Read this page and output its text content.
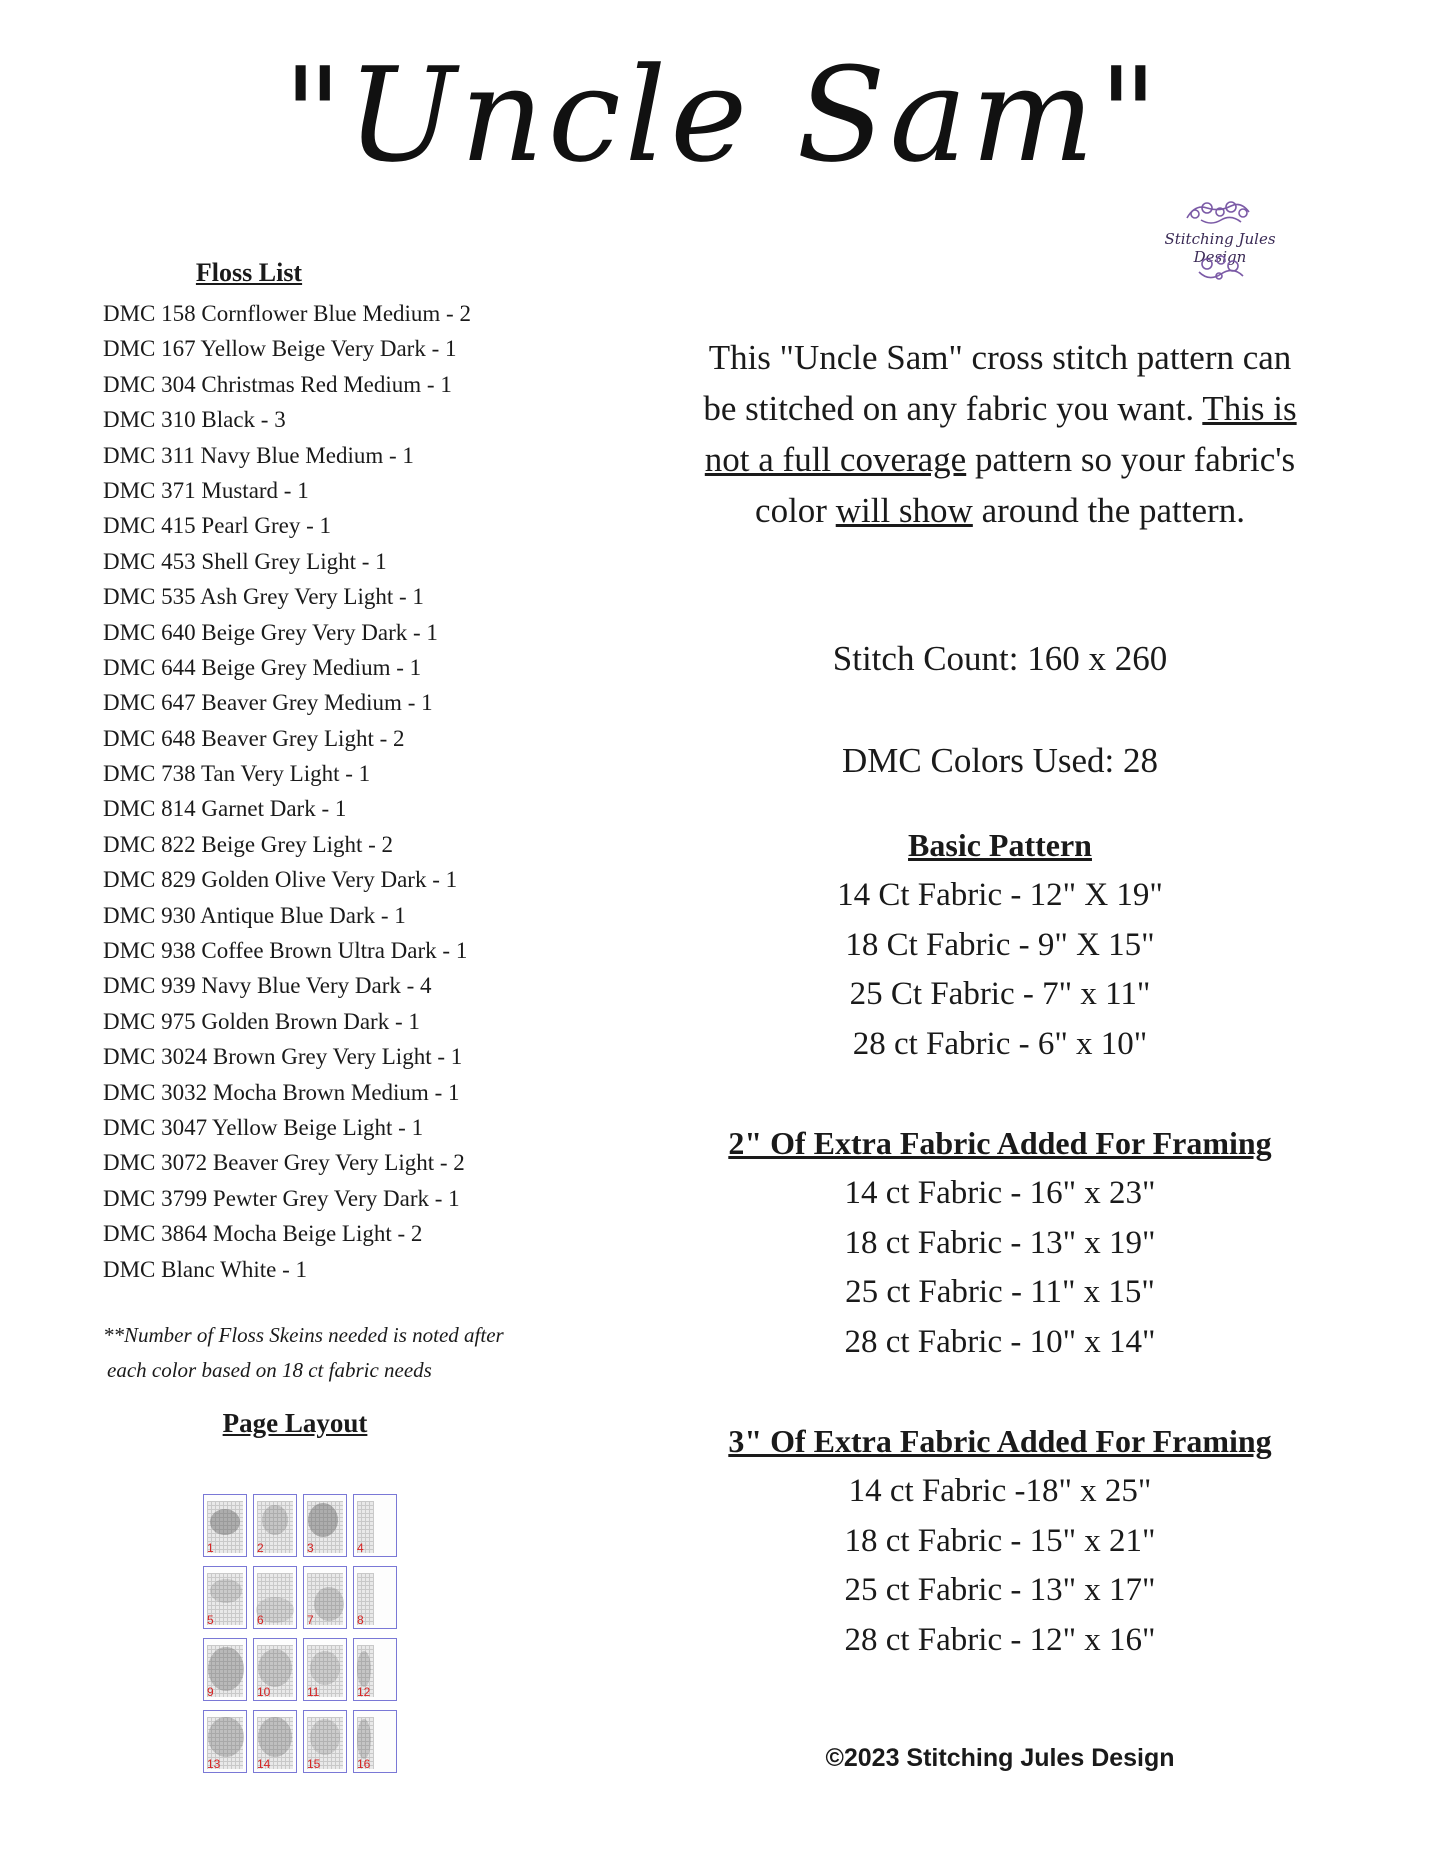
"Uncle Sam"
Stitching Jules Design
Floss List
DMC 158 Cornflower Blue Medium - 2
DMC 167 Yellow Beige Very Dark - 1
DMC 304 Christmas Red Medium - 1
DMC 310 Black - 3
DMC 311 Navy Blue Medium - 1
DMC 371 Mustard - 1
DMC 415 Pearl Grey - 1
DMC 453 Shell Grey Light - 1
DMC 535 Ash Grey Very Light - 1
DMC 640 Beige Grey Very Dark - 1
DMC 644 Beige Grey Medium - 1
DMC 647 Beaver Grey Medium - 1
DMC 648 Beaver Grey Light - 2
DMC 738 Tan Very Light - 1
DMC 814 Garnet Dark - 1
DMC 822 Beige Grey Light - 2
DMC 829 Golden Olive Very Dark - 1
DMC 930 Antique Blue Dark - 1
DMC 938 Coffee Brown Ultra Dark - 1
DMC 939 Navy Blue Very Dark - 4
DMC 975 Golden Brown Dark - 1
DMC 3024 Brown Grey Very Light - 1
DMC 3032 Mocha Brown Medium - 1
DMC 3047 Yellow Beige Light - 1
DMC 3072 Beaver Grey Very Light - 2
DMC 3799 Pewter Grey Very Dark - 1
DMC 3864 Mocha Beige Light - 2
DMC Blanc White - 1
**Number of Floss Skeins needed is noted after
each color based on 18 ct fabric needs
Page Layout
1	2	3	4
5	6	7	8
9	10	11	12
13	14	15	16
This "Uncle Sam" cross stitch pattern can be stitched on any fabric you want. This is not a full coverage pattern so your fabric's color will show around the pattern.
Stitch Count: 160 x 260
DMC Colors Used: 28
Basic Pattern
14 Ct Fabric - 12" X 19"
18 Ct Fabric - 9" X 15"
25 Ct Fabric - 7" x 11"
28 ct Fabric - 6" x 10"
2" Of Extra Fabric Added For Framing
14 ct Fabric - 16" x 23"
18 ct Fabric - 13" x 19"
25 ct Fabric - 11" x 15"
28 ct Fabric - 10" x 14"
3" Of Extra Fabric Added For Framing
14 ct Fabric -18" x 25"
18 ct Fabric - 15" x 21"
25 ct Fabric - 13" x 17"
28 ct Fabric - 12" x 16"
©2023 Stitching Jules Design
